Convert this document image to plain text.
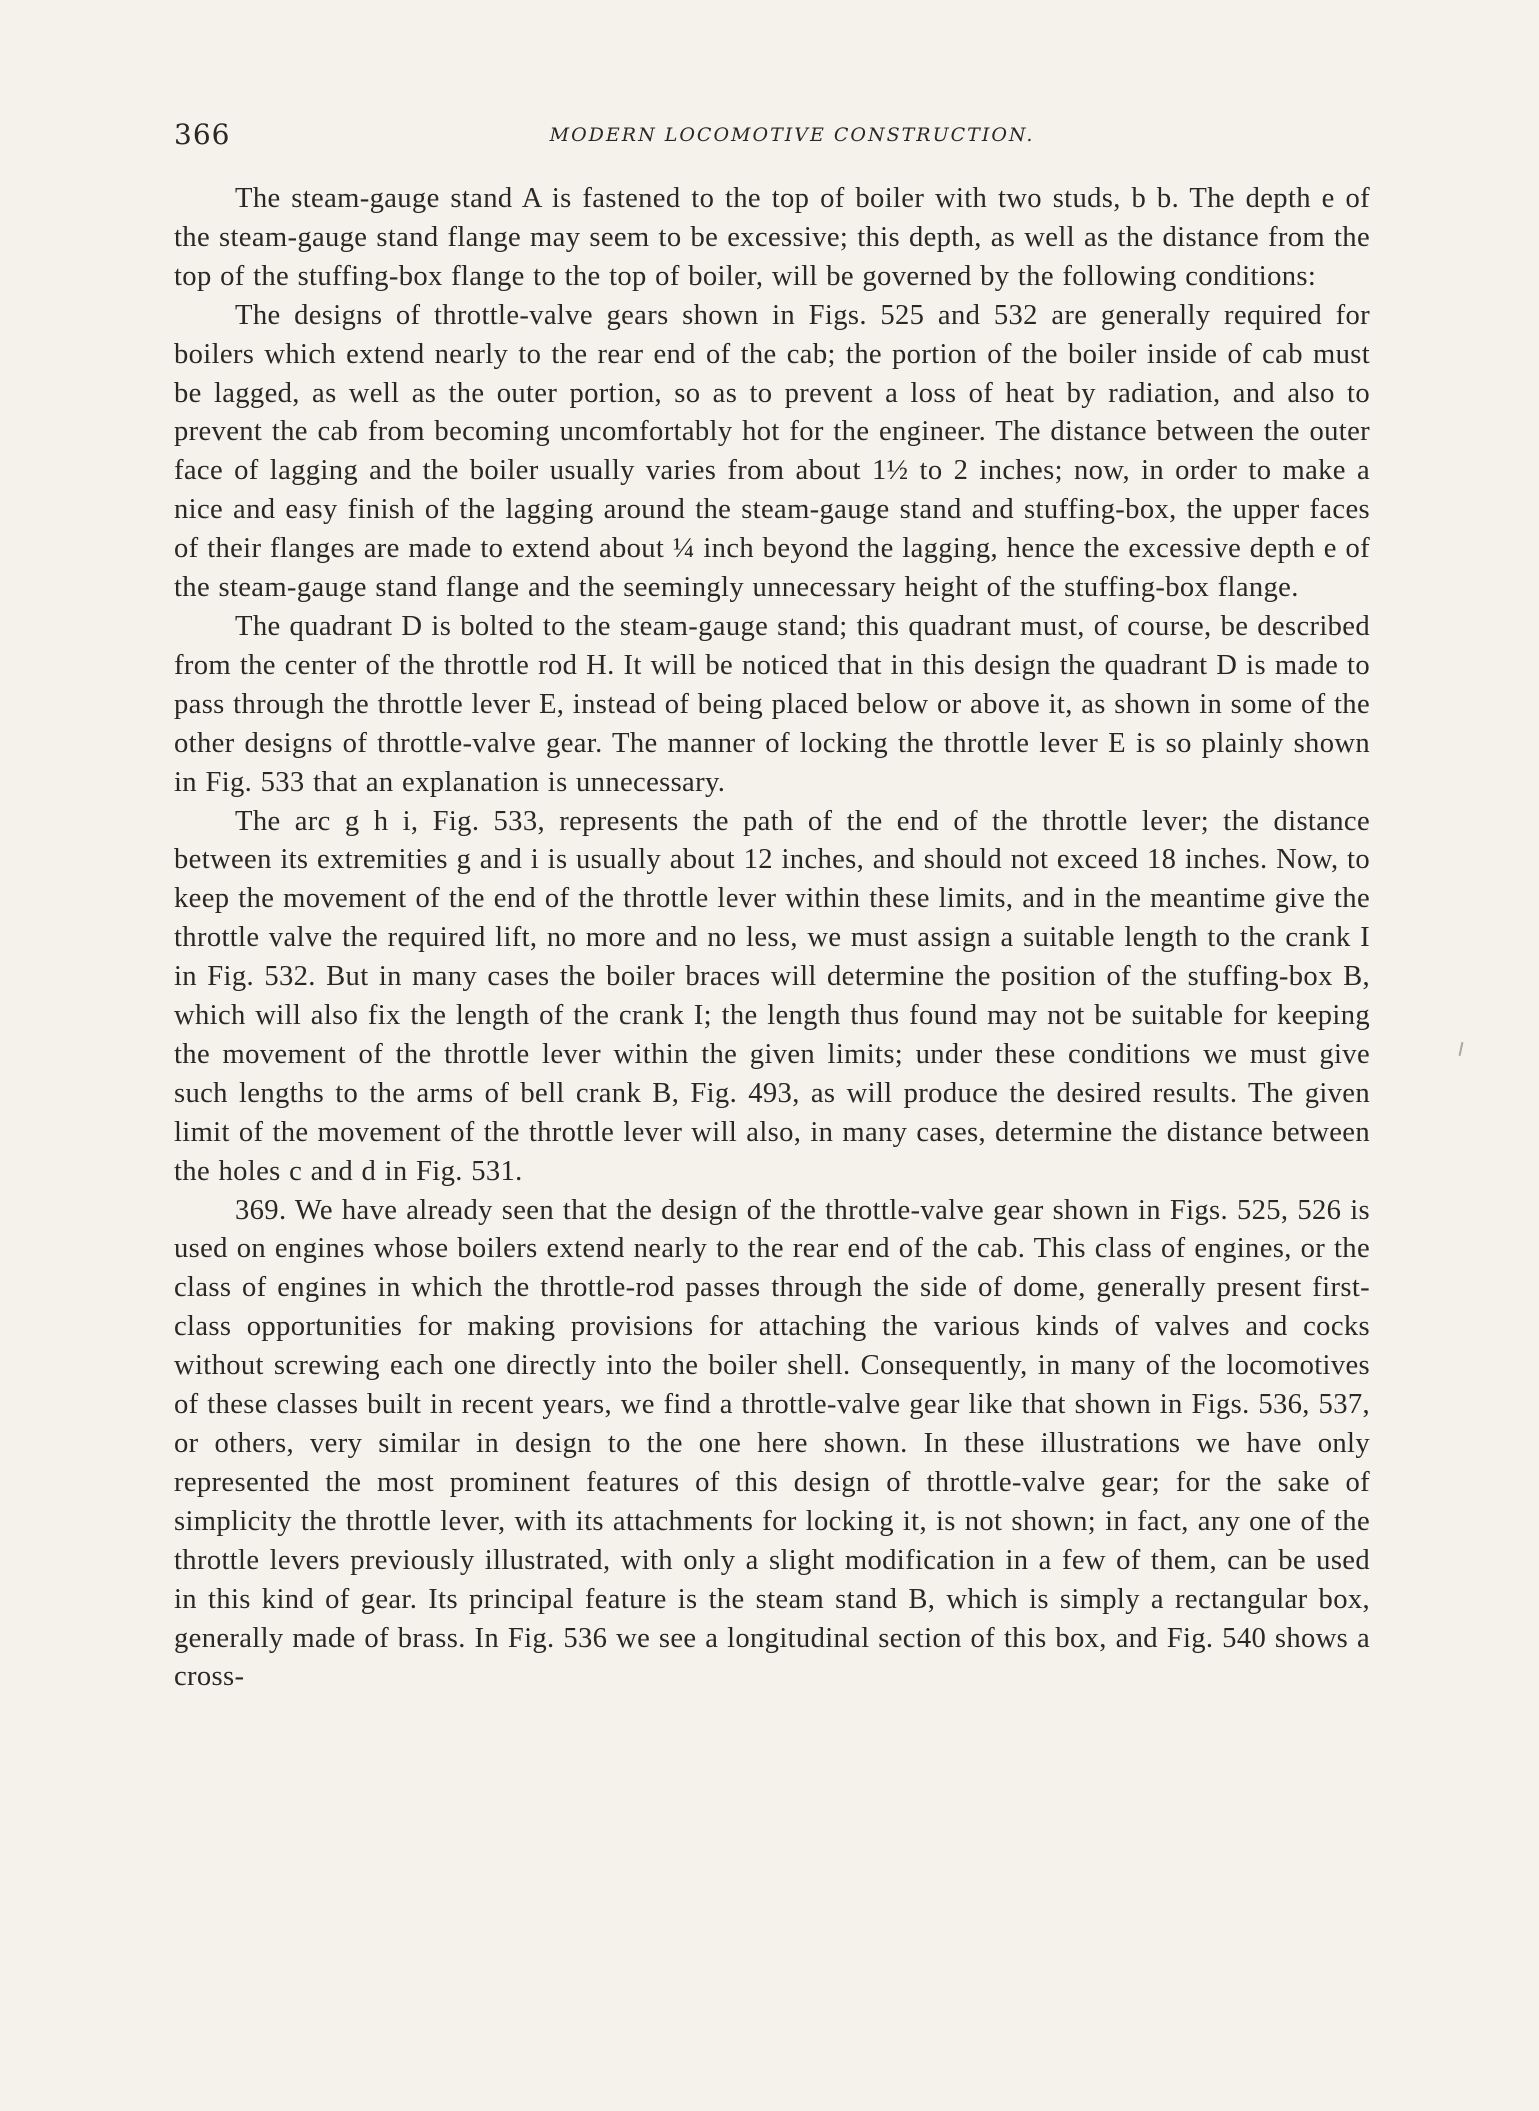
366	MODERN LOCOMOTIVE CONSTRUCTION.

The steam-gauge stand A is fastened to the top of boiler with two studs, b b. The depth e of the steam-gauge stand flange may seem to be excessive; this depth, as well as the distance from the top of the stuffing-box flange to the top of boiler, will be governed by the following conditions:

The designs of throttle-valve gears shown in Figs. 525 and 532 are generally required for boilers which extend nearly to the rear end of the cab; the portion of the boiler inside of cab must be lagged, as well as the outer portion, so as to prevent a loss of heat by radiation, and also to prevent the cab from becoming uncomfortably hot for the engineer. The distance between the outer face of lagging and the boiler usually varies from about 1½ to 2 inches; now, in order to make a nice and easy finish of the lagging around the steam-gauge stand and stuffing-box, the upper faces of their flanges are made to extend about ¼ inch beyond the lagging, hence the excessive depth e of the steam-gauge stand flange and the seemingly unnecessary height of the stuffing-box flange.

The quadrant D is bolted to the steam-gauge stand; this quadrant must, of course, be described from the center of the throttle rod H. It will be noticed that in this design the quadrant D is made to pass through the throttle lever E, instead of being placed below or above it, as shown in some of the other designs of throttle-valve gear. The manner of locking the throttle lever E is so plainly shown in Fig. 533 that an explanation is unnecessary.

The arc g h i, Fig. 533, represents the path of the end of the throttle lever; the distance between its extremities g and i is usually about 12 inches, and should not exceed 18 inches. Now, to keep the movement of the end of the throttle lever within these limits, and in the meantime give the throttle valve the required lift, no more and no less, we must assign a suitable length to the crank I in Fig. 532. But in many cases the boiler braces will determine the position of the stuffing-box B, which will also fix the length of the crank I; the length thus found may not be suitable for keeping the movement of the throttle lever within the given limits; under these conditions we must give such lengths to the arms of bell crank B, Fig. 493, as will produce the desired results. The given limit of the movement of the throttle lever will also, in many cases, determine the distance between the holes c and d in Fig. 531.

369. We have already seen that the design of the throttle-valve gear shown in Figs. 525, 526 is used on engines whose boilers extend nearly to the rear end of the cab. This class of engines, or the class of engines in which the throttle-rod passes through the side of dome, generally present first-class opportunities for making provisions for attaching the various kinds of valves and cocks without screwing each one directly into the boiler shell. Consequently, in many of the locomotives of these classes built in recent years, we find a throttle-valve gear like that shown in Figs. 536, 537, or others, very similar in design to the one here shown. In these illustrations we have only represented the most prominent features of this design of throttle-valve gear; for the sake of simplicity the throttle lever, with its attachments for locking it, is not shown; in fact, any one of the throttle levers previously illustrated, with only a slight modification in a few of them, can be used in this kind of gear. Its principal feature is the steam stand B, which is simply a rectangular box, generally made of brass. In Fig. 536 we see a longitudinal section of this box, and Fig. 540 shows a cross-
